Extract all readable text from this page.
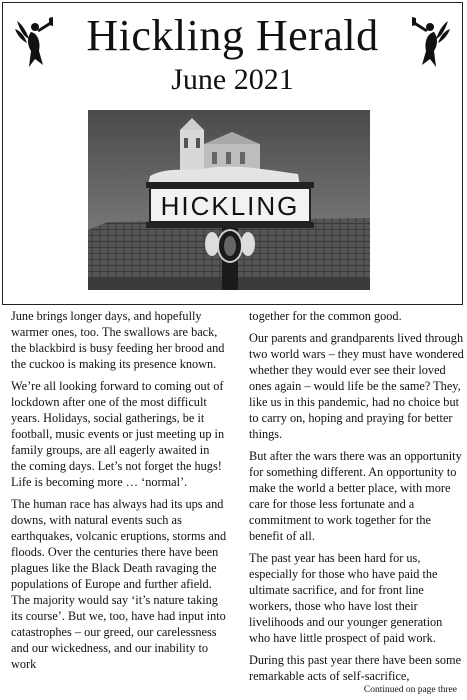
Hickling Herald
June 2021
HICKLING

June brings longer days, and hopefully warmer ones, too. The swallows are back, the blackbird is busy feeding her brood and the cuckoo is making its presence known.

We’re all looking forward to coming out of lockdown after one of the most difficult years. Holidays, social gatherings, be it football, music events or just meeting up in family groups, are all eagerly awaited in the coming days. Let’s not forget the hugs! Life is becoming more … ‘normal’.

The human race has always had its ups and downs, with natural events such as earthquakes, volcanic eruptions, storms and floods. Over the centuries there have been plagues like the Black Death ravaging the populations of Europe and further afield. The majority would say ‘it’s nature taking its course’. But we, too, have had input into catastrophes – our greed, our carelessness and our wickedness, and our inability to work

together for the common good.

Our parents and grandparents lived through two world wars – they must have wondered whether they would ever see their loved ones again – would life be the same? They, like us in this pandemic, had no choice but to carry on, hoping and praying for better things.

But after the wars there was an opportunity for something different. An opportunity to make the world a better place, with more care for those less fortunate and a commitment to work together for the benefit of all.

The past year has been hard for us, especially for those who have paid the ultimate sacrifice, and for front line workers, those who have lost their livelihoods and our younger generation who have little prospect of paid work.

During this past year there have been some remarkable acts of self-sacrifice,

Continued on page three
